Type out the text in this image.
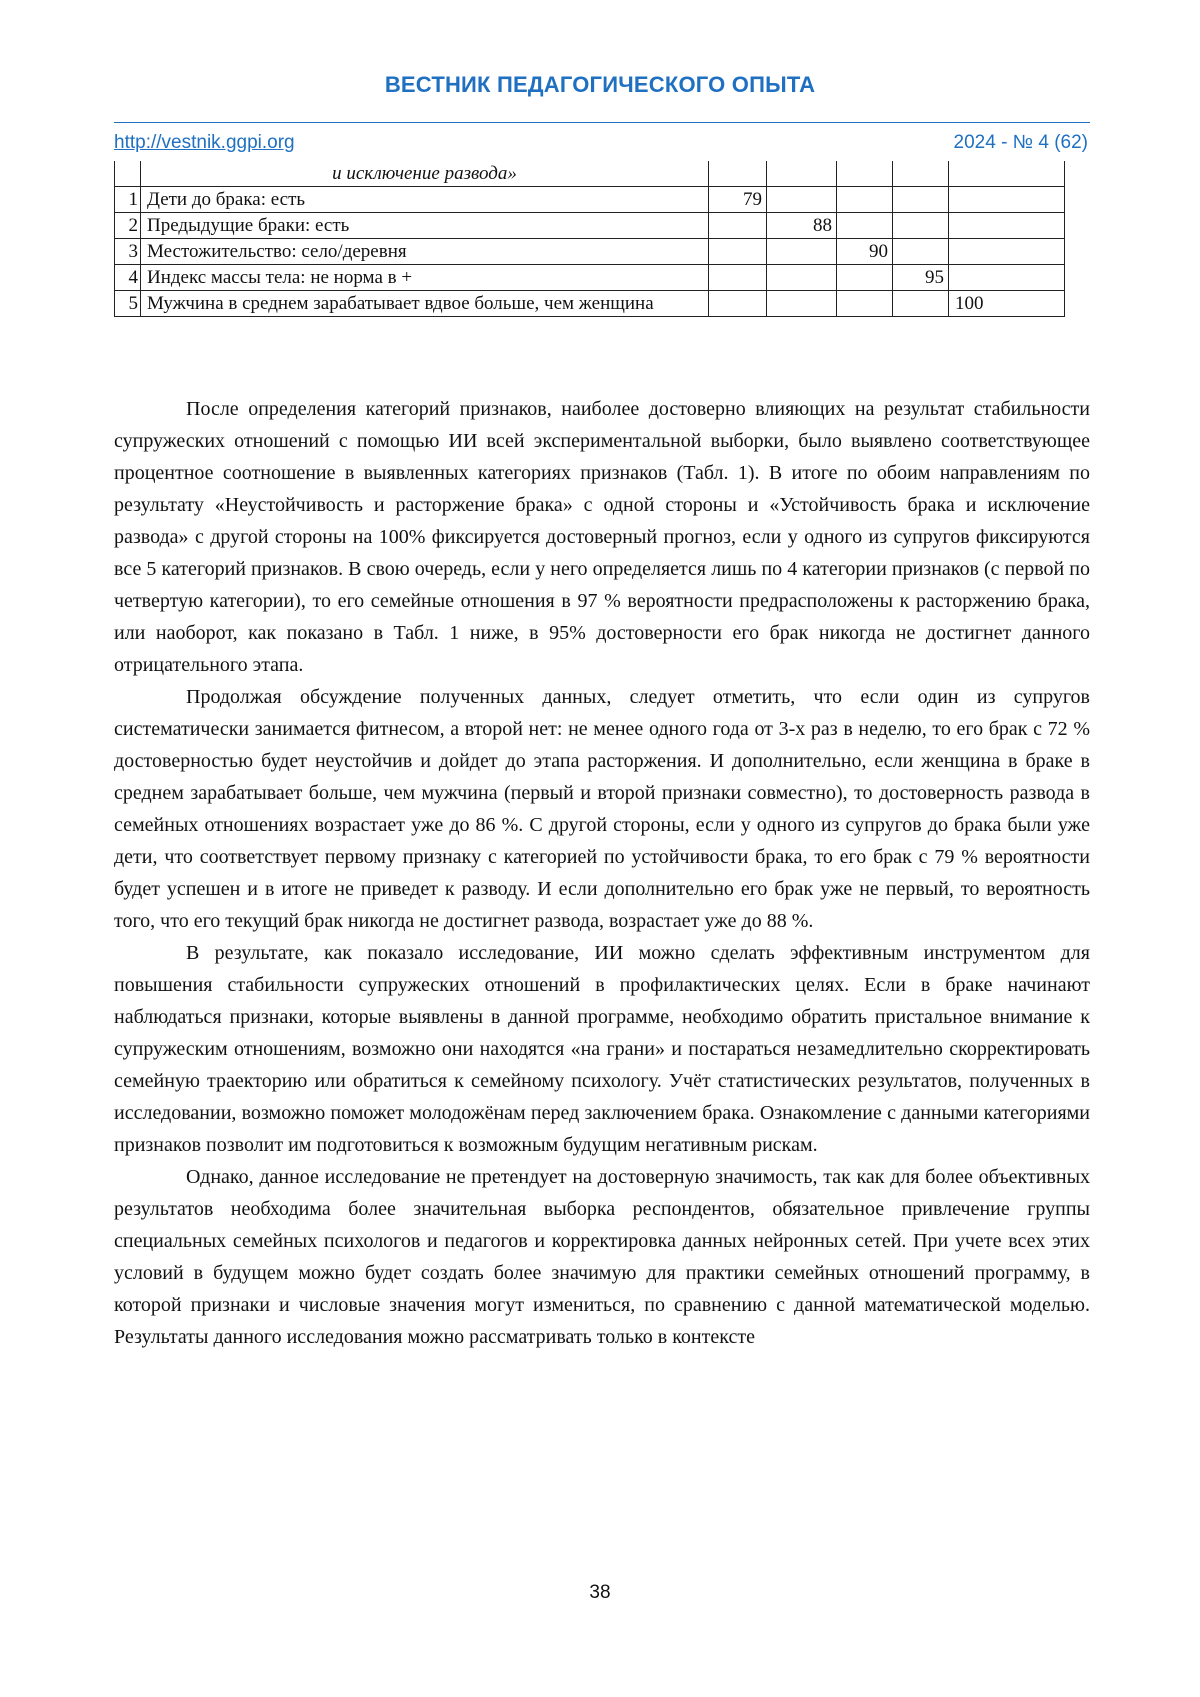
ВЕСТНИК ПЕДАГОГИЧЕСКОГО ОПЫТА
http://vestnik.ggpi.org	2024 - № 4 (62)
	и исключение развода»					
1	Дети до брака: есть	79				
2	Предыдущие браки: есть		88			
3	Местожительство: село/деревня			90		
4	Индекс массы тела: не норма в +				95	
5	Мужчина в среднем зарабатывает вдвое больше, чем женщина					100

После определения категорий признаков, наиболее достоверно влияющих на результат стабильности супружеских отношений с помощью ИИ всей экспериментальной выборки, было выявлено соответствующее процентное соотношение в выявленных категориях признаков (Табл. 1). В итоге по обоим направлениям по результату «Неустойчивость и расторжение брака» с одной стороны и «Устойчивость брака и исключение развода» с другой стороны на 100% фиксируется достоверный прогноз, если у одного из супругов фиксируются все 5 категорий признаков. В свою очередь, если у него определяется лишь по 4 категории признаков (с первой по четвертую категории), то его семейные отношения в 97 % вероятности предрасположены к расторжению брака, или наоборот, как показано в Табл. 1 ниже, в 95% достоверности его брак никогда не достигнет данного отрицательного этапа.

Продолжая обсуждение полученных данных, следует отметить, что если один из супругов систематически занимается фитнесом, а второй нет: не менее одного года от 3-х раз в неделю, то его брак с 72 % достоверностью будет неустойчив и дойдет до этапа расторжения. И дополнительно, если женщина в браке в среднем зарабатывает больше, чем мужчина (первый и второй признаки совместно), то достоверность развода в семейных отношениях возрастает уже до 86 %. С другой стороны, если у одного из супругов до брака были уже дети, что соответствует первому признаку с категорией по устойчивости брака, то его брак с 79 % вероятности будет успешен и в итоге не приведет к разводу. И если дополнительно его брак уже не первый, то вероятность того, что его текущий брак никогда не достигнет развода, возрастает уже до 88 %.

В результате, как показало исследование, ИИ можно сделать эффективным инструментом для повышения стабильности супружеских отношений в профилактических целях. Если в браке начинают наблюдаться признаки, которые выявлены в данной программе, необходимо обратить пристальное внимание к супружеским отношениям, возможно они находятся «на грани» и постараться незамедлительно скорректировать семейную траекторию или обратиться к семейному психологу. Учёт статистических результатов, полученных в исследовании, возможно поможет молодожёнам перед заключением брака. Ознакомление с данными категориями признаков позволит им подготовиться к возможным будущим негативным рискам.

Однако, данное исследование не претендует на достоверную значимость, так как для более объективных результатов необходима более значительная выборка респондентов, обязательное привлечение группы специальных семейных психологов и педагогов и корректировка данных нейронных сетей. При учете всех этих условий в будущем можно будет создать более значимую для практики семейных отношений программу, в которой признаки и числовые значения могут измениться, по сравнению с данной математической моделью. Результаты данного исследования можно рассматривать только в контексте

38
